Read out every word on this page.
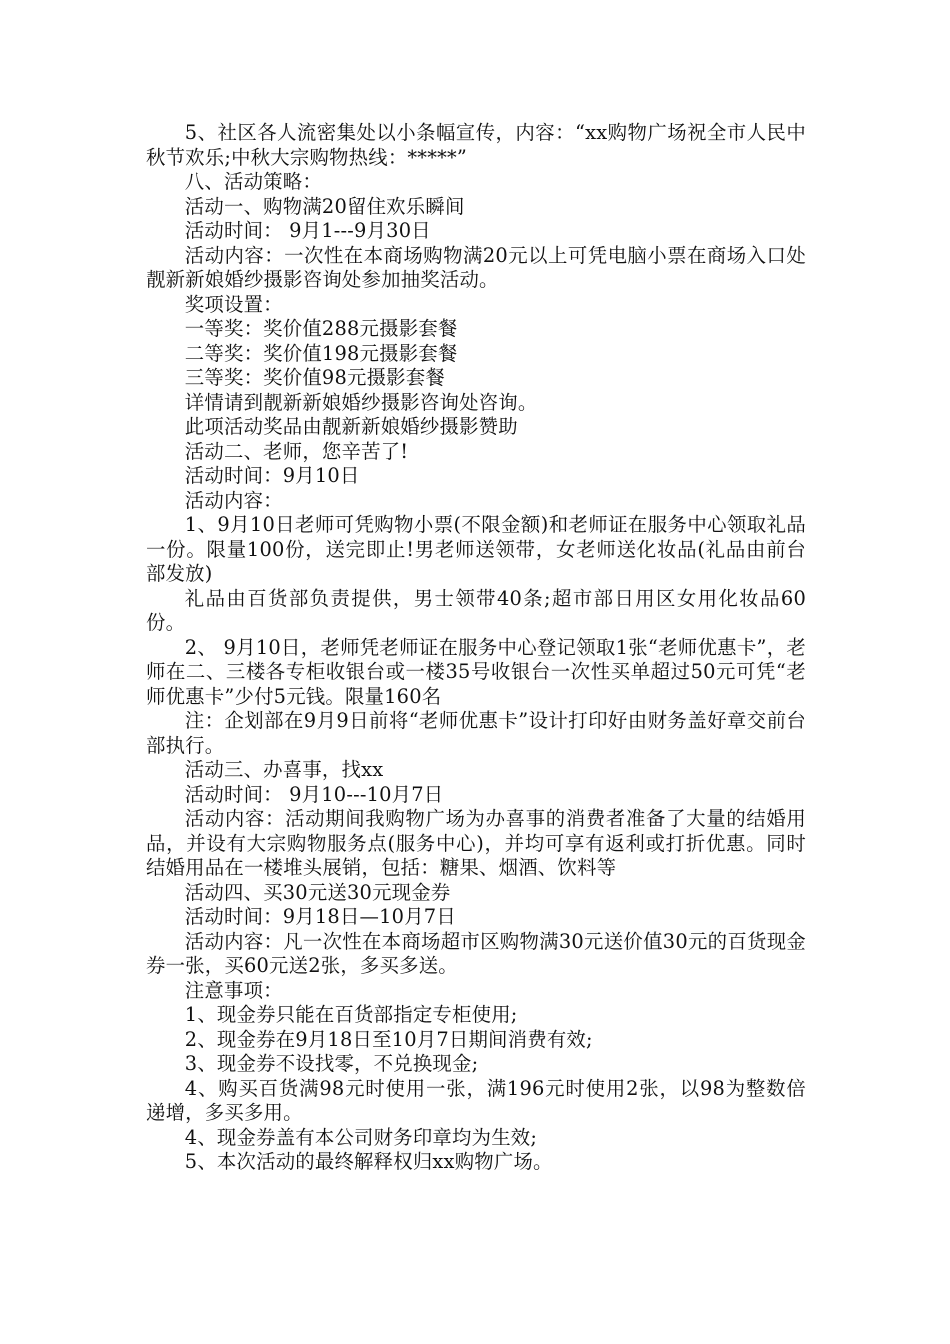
5、社区各人流密集处以小条幅宣传，内容：“xx购物广场祝全市人民中秋节欢乐;中秋大宗购物热线：*****”

八、活动策略：

活动一、购物满20留住欢乐瞬间

活动时间： 9月1---9月30日

活动内容：一次性在本商场购物满20元以上可凭电脑小票在商场入口处靓新新娘婚纱摄影咨询处参加抽奖活动。

奖项设置：

一等奖：奖价值288元摄影套餐

二等奖：奖价值198元摄影套餐

三等奖：奖价值98元摄影套餐

详情请到靓新新娘婚纱摄影咨询处咨询。

此项活动奖品由靓新新娘婚纱摄影赞助

活动二、老师，您辛苦了!

活动时间：9月10日

活动内容：

1、9月10日老师可凭购物小票(不限金额)和老师证在服务中心领取礼品一份。限量100份，送完即止!男老师送领带，女老师送化妆品(礼品由前台部发放)

礼品由百货部负责提供，男士领带40条;超市部日用区女用化妆品60份。

2、 9月10日，老师凭老师证在服务中心登记领取1张“老师优惠卡”，老师在二、三楼各专柜收银台或一楼35号收银台一次性买单超过50元可凭“老师优惠卡”少付5元钱。限量160名

注：企划部在9月9日前将“老师优惠卡”设计打印好由财务盖好章交前台部执行。

活动三、办喜事，找xx

活动时间： 9月10---10月7日

活动内容：活动期间我购物广场为办喜事的消费者准备了大量的结婚用品，并设有大宗购物服务点(服务中心)，并均可享有返利或打折优惠。同时结婚用品在一楼堆头展销，包括：糖果、烟酒、饮料等

活动四、买30元送30元现金券

活动时间：9月18日—10月7日

活动内容：凡一次性在本商场超市区购物满30元送价值30元的百货现金券一张，买60元送2张，多买多送。

注意事项：

1、现金券只能在百货部指定专柜使用;

2、现金券在9月18日至10月7日期间消费有效;

3、现金券不设找零，不兑换现金;

4、购买百货满98元时使用一张，满196元时使用2张，以98为整数倍递增，多买多用。

4、现金券盖有本公司财务印章均为生效;

5、本次活动的最终解释权归xx购物广场。
